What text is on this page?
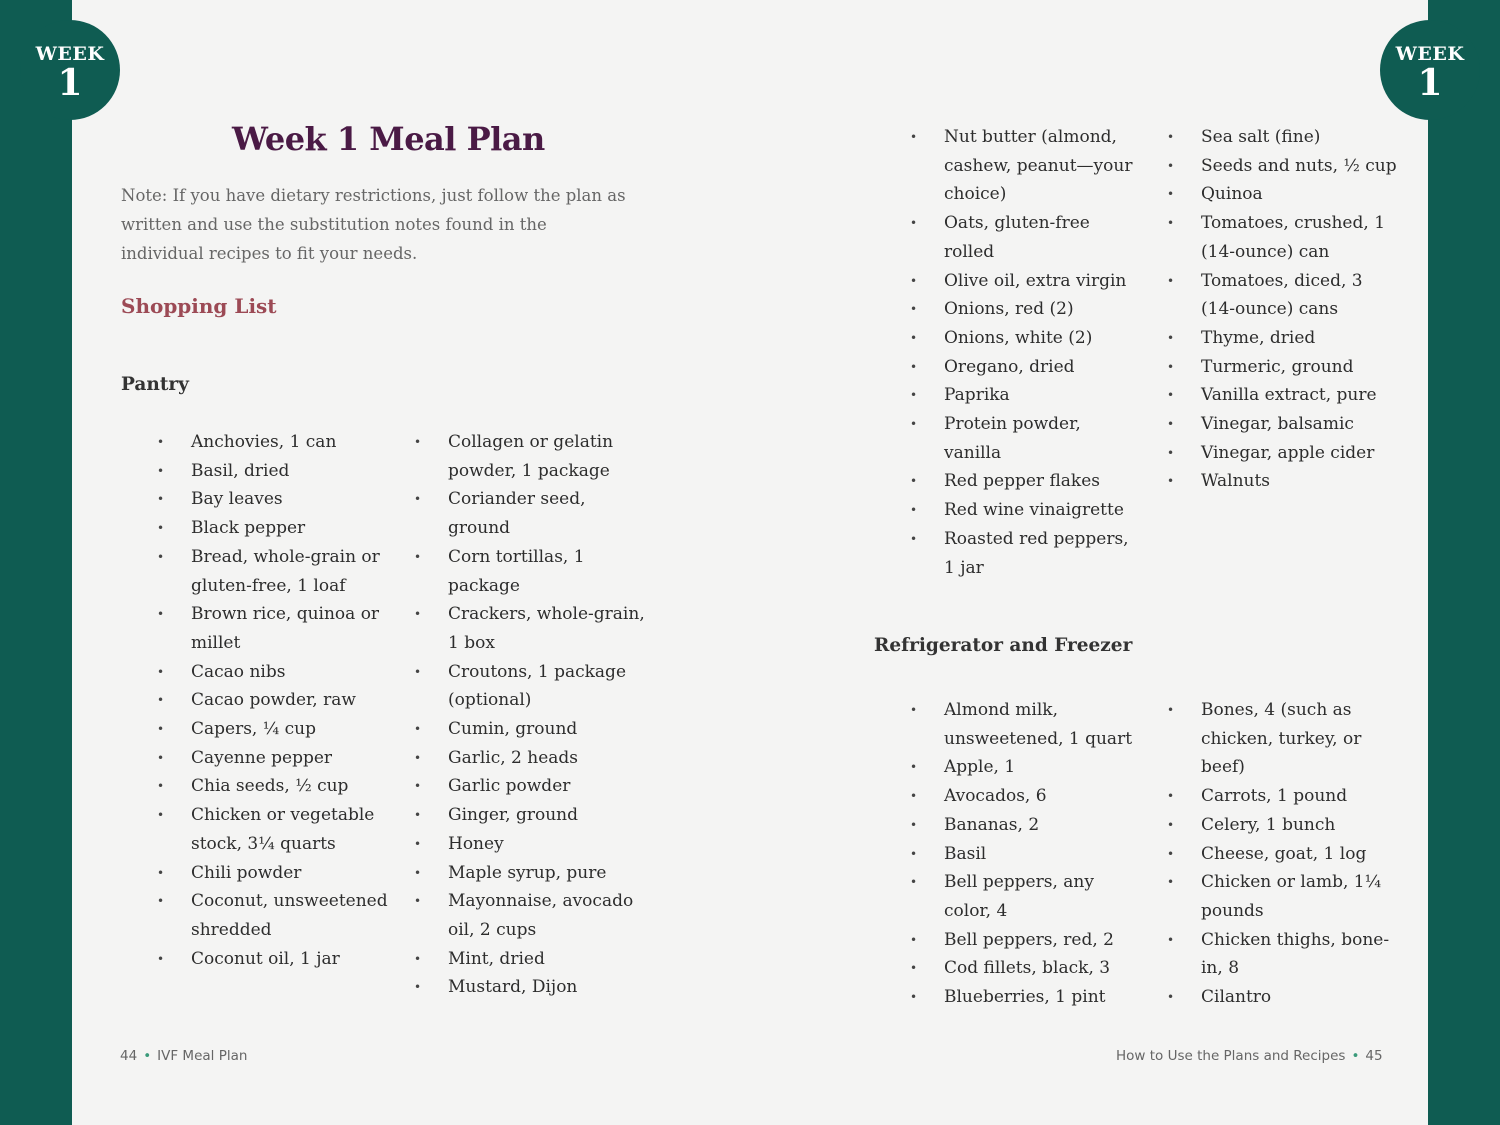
WEEK
1
WEEK
1
Week 1 Meal Plan

Note: If you have dietary restrictions, just follow the plan as written and use the substitution notes found in the individual recipes to fit your needs.

Shopping List
Pantry
• Anchovies, 1 can
• Basil, dried
• Bay leaves
• Black pepper
• Bread, whole-grain or gluten-free, 1 loaf
• Brown rice, quinoa or millet
• Cacao nibs
• Cacao powder, raw
• Capers, ¼ cup
• Cayenne pepper
• Chia seeds, ½ cup
• Chicken or vegetable stock, 3¼ quarts
• Chili powder
• Coconut, unsweetened shredded
• Coconut oil, 1 jar
• Collagen or gelatin powder, 1 package
• Coriander seed, ground
• Corn tortillas, 1 package
• Crackers, whole-grain, 1 box
• Croutons, 1 package (optional)
• Cumin, ground
• Garlic, 2 heads
• Garlic powder
• Ginger, ground
• Honey
• Maple syrup, pure
• Mayonnaise, avocado oil, 2 cups
• Mint, dried
• Mustard, Dijon
• Nut butter (almond, cashew, peanut—your choice)
• Oats, gluten-free rolled
• Olive oil, extra virgin
• Onions, red (2)
• Onions, white (2)
• Oregano, dried
• Paprika
• Protein powder, vanilla
• Red pepper flakes
• Red wine vinaigrette
• Roasted red peppers, 1 jar
• Sea salt (fine)
• Seeds and nuts, ½ cup
• Quinoa
• Tomatoes, crushed, 1 (14-ounce) can
• Tomatoes, diced, 3 (14-ounce) cans
• Thyme, dried
• Turmeric, ground
• Vanilla extract, pure
• Vinegar, balsamic
• Vinegar, apple cider
• Walnuts
Refrigerator and Freezer
• Almond milk, unsweetened, 1 quart
• Apple, 1
• Avocados, 6
• Bananas, 2
• Basil
• Bell peppers, any color, 4
• Bell peppers, red, 2
• Cod fillets, black, 3
• Blueberries, 1 pint
• Bones, 4 (such as chicken, turkey, or beef)
• Carrots, 1 pound
• Celery, 1 bunch
• Cheese, goat, 1 log
• Chicken or lamb, 1¼ pounds
• Chicken thighs, bone-in, 8
• Cilantro
44 • IVF Meal Plan	How to Use the Plans and Recipes • 45
